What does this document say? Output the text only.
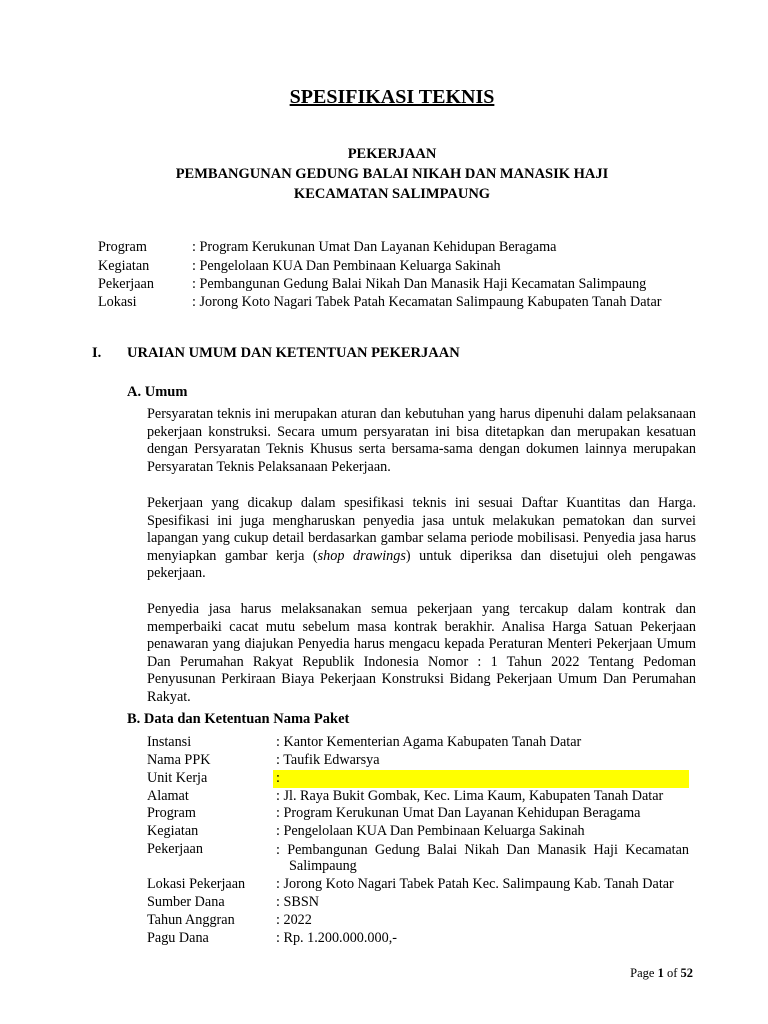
SPESIFIKASI TEKNIS
PEKERJAAN
PEMBANGUNAN GEDUNG BALAI NIKAH DAN MANASIK HAJI
KECAMATAN SALIMPAUNG
Program	: Program Kerukunan Umat Dan Layanan Kehidupan Beragama
Kegiatan	: Pengelolaan KUA Dan Pembinaan Keluarga Sakinah
Pekerjaan	: Pembangunan Gedung Balai Nikah Dan Manasik Haji Kecamatan Salimpaung
Lokasi	: Jorong Koto Nagari Tabek Patah Kecamatan Salimpaung Kabupaten Tanah Datar
I. URAIAN UMUM DAN KETENTUAN PEKERJAAN
A. Umum
Persyaratan teknis ini merupakan aturan dan kebutuhan yang harus dipenuhi dalam pelaksanaan pekerjaan konstruksi. Secara umum persyaratan ini bisa ditetapkan dan merupakan kesatuan dengan Persyaratan Teknis Khusus serta bersama-sama dengan dokumen lainnya merupakan Persyaratan Teknis Pelaksanaan Pekerjaan.
Pekerjaan yang dicakup dalam spesifikasi teknis ini sesuai Daftar Kuantitas dan Harga. Spesifikasi ini juga mengharuskan penyedia jasa untuk melakukan pematokan dan survei lapangan yang cukup detail berdasarkan gambar selama periode mobilisasi. Penyedia jasa harus menyiapkan gambar kerja (shop drawings) untuk diperiksa dan disetujui oleh pengawas pekerjaan.
Penyedia jasa harus melaksanakan semua pekerjaan yang tercakup dalam kontrak dan memperbaiki cacat mutu sebelum masa kontrak berakhir. Analisa Harga Satuan Pekerjaan penawaran yang diajukan Penyedia harus mengacu kepada Peraturan Menteri Pekerjaan Umum Dan Perumahan Rakyat Republik Indonesia Nomor : 1 Tahun 2022 Tentang Pedoman Penyusunan Perkiraan Biaya Pekerjaan Konstruksi Bidang Pekerjaan Umum Dan Perumahan Rakyat.
B. Data dan Ketentuan Nama Paket
Instansi	: Kantor Kementerian Agama Kabupaten Tanah Datar
Nama PPK	: Taufik Edwarsya
Unit Kerja	:
Alamat	: Jl. Raya Bukit Gombak, Kec. Lima Kaum, Kabupaten Tanah Datar
Program	: Program Kerukunan Umat Dan Layanan Kehidupan Beragama
Kegiatan	: Pengelolaan KUA Dan Pembinaan Keluarga Sakinah
Pekerjaan	: Pembangunan Gedung Balai Nikah Dan Manasik Haji Kecamatan
Salimpaung
Lokasi Pekerjaan : Jorong Koto Nagari Tabek Patah Kec. Salimpaung Kab. Tanah Datar
Sumber Dana	: SBSN
Tahun Anggran	: 2022
Pagu Dana	: Rp. 1.200.000.000,-
Page 1 of 52
